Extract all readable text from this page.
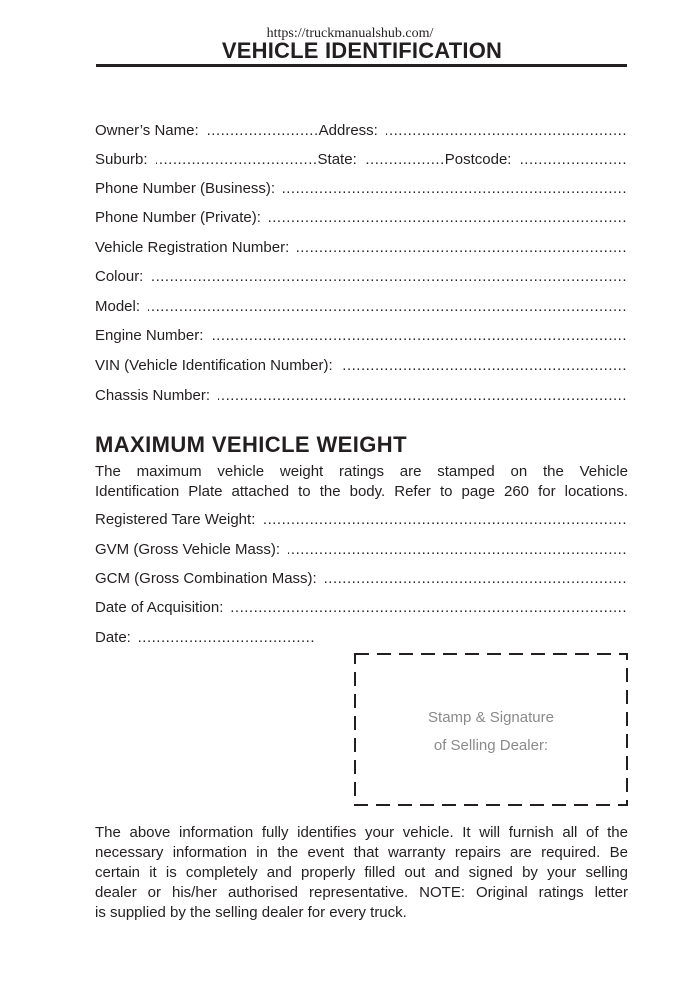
https://truckmanualshub.com/
VEHICLE IDENTIFICATION
Owner’s Name: .....	Address:
.....
Suburb: .....	State: .....	Postcode:
.....
Phone Number (Business):
.....
Phone Number (Private):
.....
Vehicle Registration Number:
.....
Colour:
.....
Model:
.....
Engine Number:
.....
VIN (Vehicle Identification Number):
.....
Chassis Number:
.....
MAXIMUM VEHICLE WEIGHT
The maximum vehicle weight ratings are stamped on the Vehicle
Identification Plate attached to the body. Refer to page 260 for locations.
Registered Tare Weight:
.....
GVM (Gross Vehicle Mass):
.....
GCM (Gross Combination Mass):
.....
Date of Acquisition:
.....
Date:
.....
Stamp & Signature
of Selling Dealer:
The above information fully identifies your vehicle. It will furnish all of the
necessary information in the event that warranty repairs are required. Be
certain it is completely and properly filled out and signed by your selling
dealer or his/her authorised representative. NOTE: Original ratings letter
is supplied by the selling dealer for every truck.
